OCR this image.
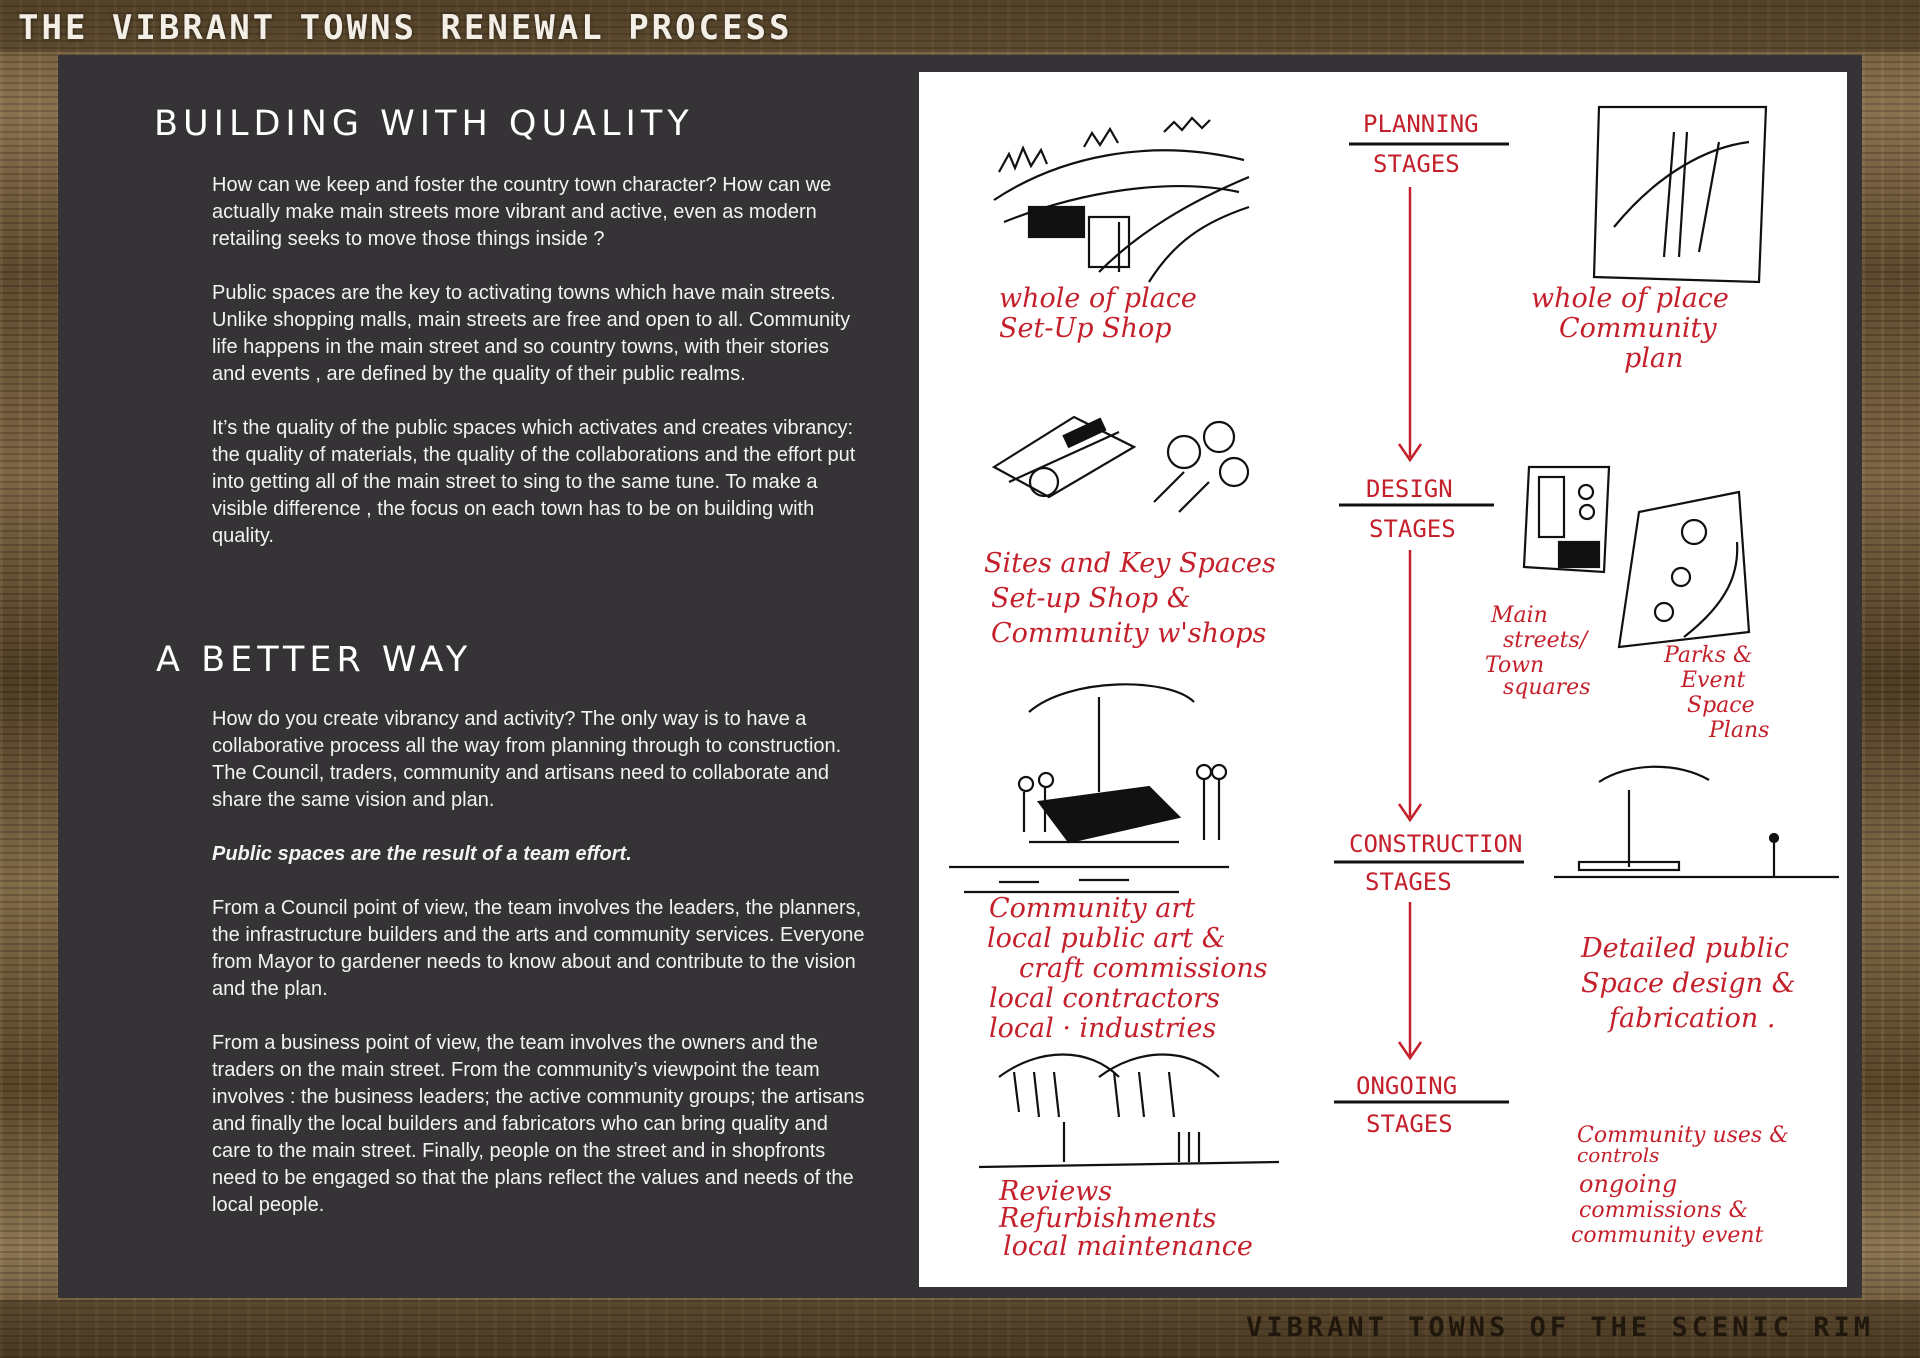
THE VIBRANT TOWNS RENEWAL PROCESS
BUILDING WITH QUALITY

How can we keep and foster the country town character? How can we actually make main streets more vibrant and active, even as modern retailing seeks to move those things inside ?

Public spaces are the key to activating towns which have main streets. Unlike shopping malls, main streets are free and open to all. Community life happens in the main street and so country towns, with their stories and events , are defined by the quality of their public realms.

It’s the quality of the public spaces which activates and creates vibrancy: the quality of materials, the quality of the collaborations and the effort put into getting all of the main street to sing to the same tune. To make a visible difference , the focus on each town has to be on building with quality.

A BETTER WAY

How do you create vibrancy and activity? The only way is to have a collaborative process all the way from planning through to construction. The Council, traders, community and artisans need to collaborate and share the same vision and plan.

Public spaces are the result of a team effort.

From a Council point of view, the team involves the leaders, the planners, the infrastructure builders and the arts and community services. Everyone from Mayor to gardener needs to know about and contribute to the vision and the plan.

From a business point of view, the team involves the owners and the traders on the main street. From the community’s viewpoint the team involves : the business leaders; the active community groups; the artisans and finally the local builders and fabricators who can bring quality and care to the main street. Finally, people on the street and in shopfronts need to be engaged so that the plans reflect the values and needs of the local people.

PLANNING
STAGES
DESIGN
STAGES
CONSTRUCTION
STAGES
ONGOING
STAGES
whole of place
Set-Up Shop
whole of place
Community
plan
Sites and Key Spaces
Set-up Shop &
Community w'shops
Main
streets/
Town
squares
Parks &
Event
Space
Plans
Community art
local public art &
craft commissions
local contractors
local · industries
Detailed public
Space design &
fabrication .
Reviews
Refurbishments
local maintenance
Community uses &
controls
ongoing
commissions &
community event
VIBRANT TOWNS OF THE SCENIC RIM
